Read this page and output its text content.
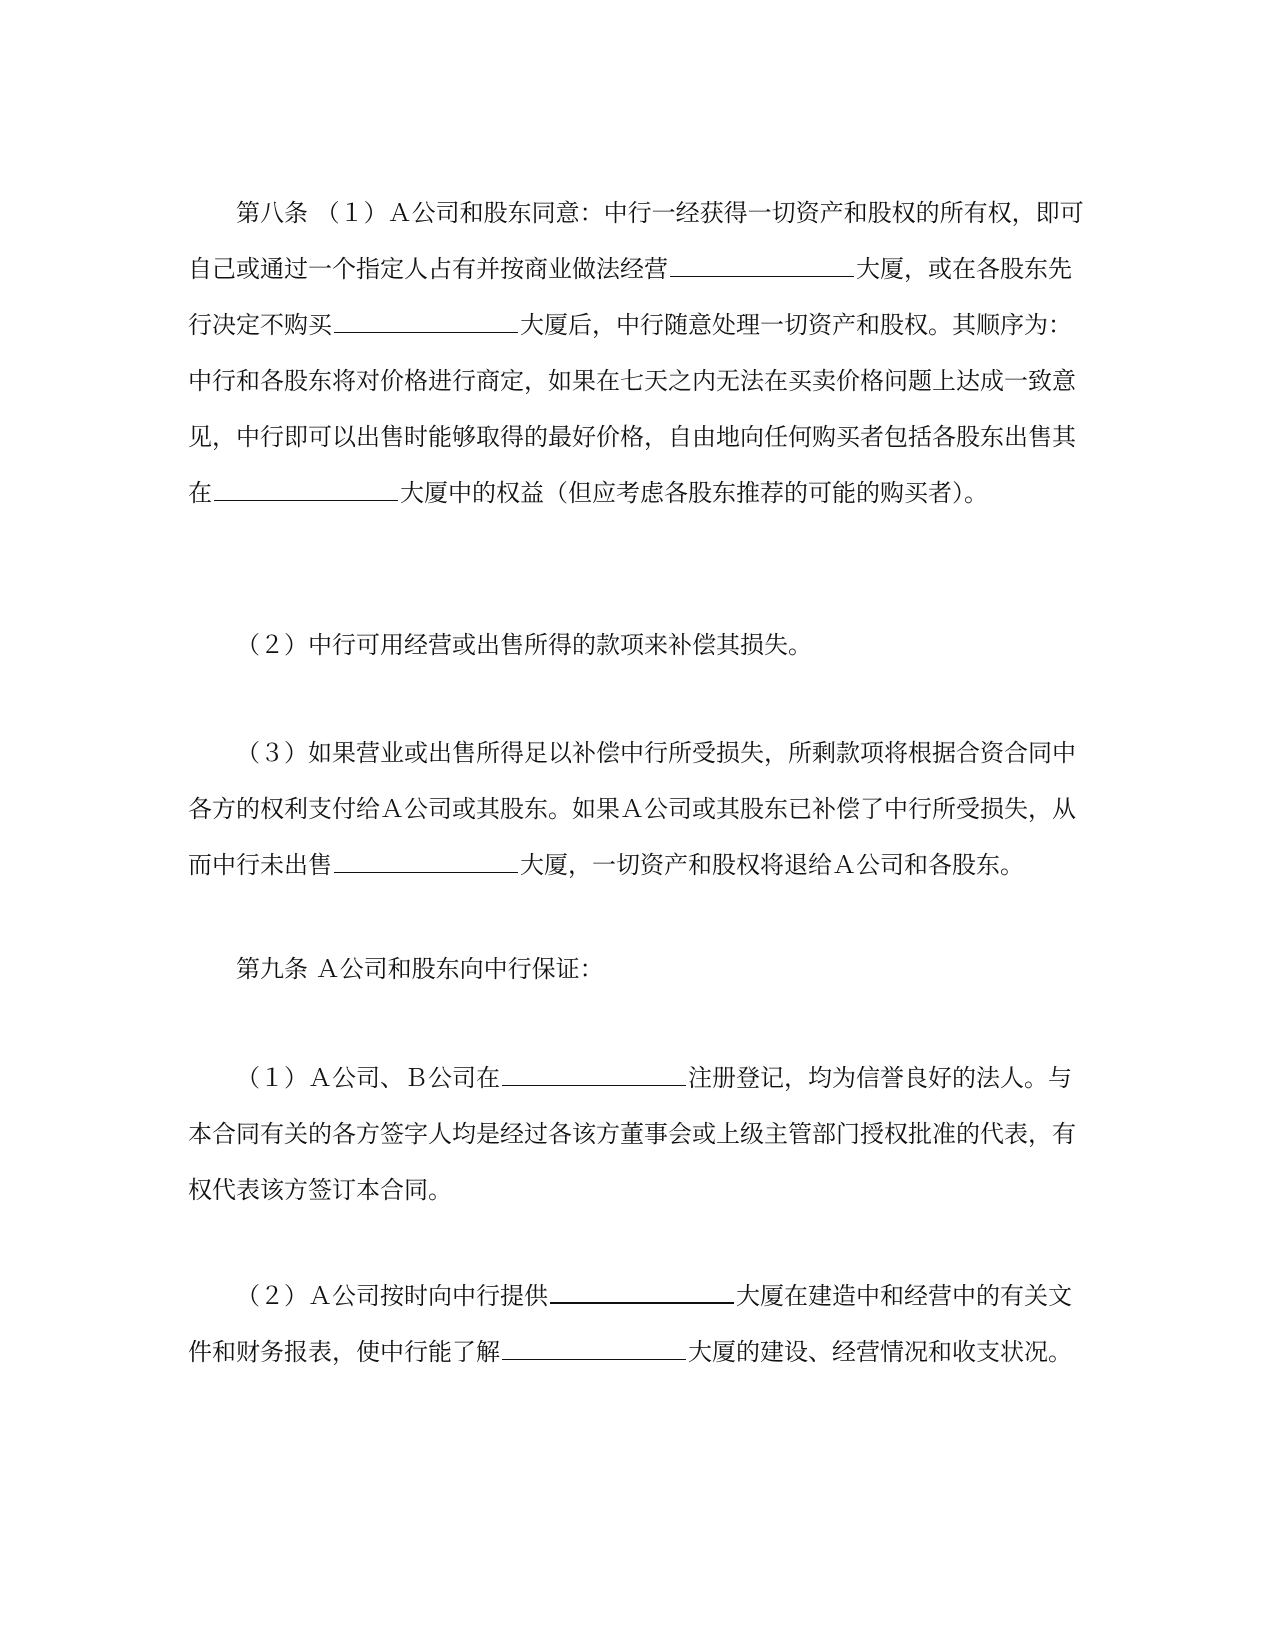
第八条 （１）Ａ公司和股东同意：中行一经获得一切资产和股权的所有权，即可自己或通过一个指定人占有并按商业做法经营	大厦，或在各股东先行决定不购买	大厦后，中行随意处理一切资产和股权。其顺序为：中行和各股东将对价格进行商定，如果在七天之内无法在买卖价格问题上达成一致意见，中行即可以出售时能够取得的最好价格，自由地向任何购买者包括各股东出售其在	大厦中的权益（但应考虑各股东推荐的可能的购买者）。

（２）中行可用经营或出售所得的款项来补偿其损失。

（３）如果营业或出售所得足以补偿中行所受损失，所剩款项将根据合资合同中各方的权利支付给Ａ公司或其股东。如果Ａ公司或其股东已补偿了中行所受损失，从而中行未出售	大厦，一切资产和股权将退给Ａ公司和各股东。

第九条 Ａ公司和股东向中行保证：

（１）Ａ公司、Ｂ公司在	注册登记，均为信誉良好的法人。与本合同有关的各方签字人均是经过各该方董事会或上级主管部门授权批准的代表，有权代表该方签订本合同。

（２）Ａ公司按时向中行提供	大厦在建造中和经营中的有关文件和财务报表，使中行能了解	大厦的建设、经营情况和收支状况。
